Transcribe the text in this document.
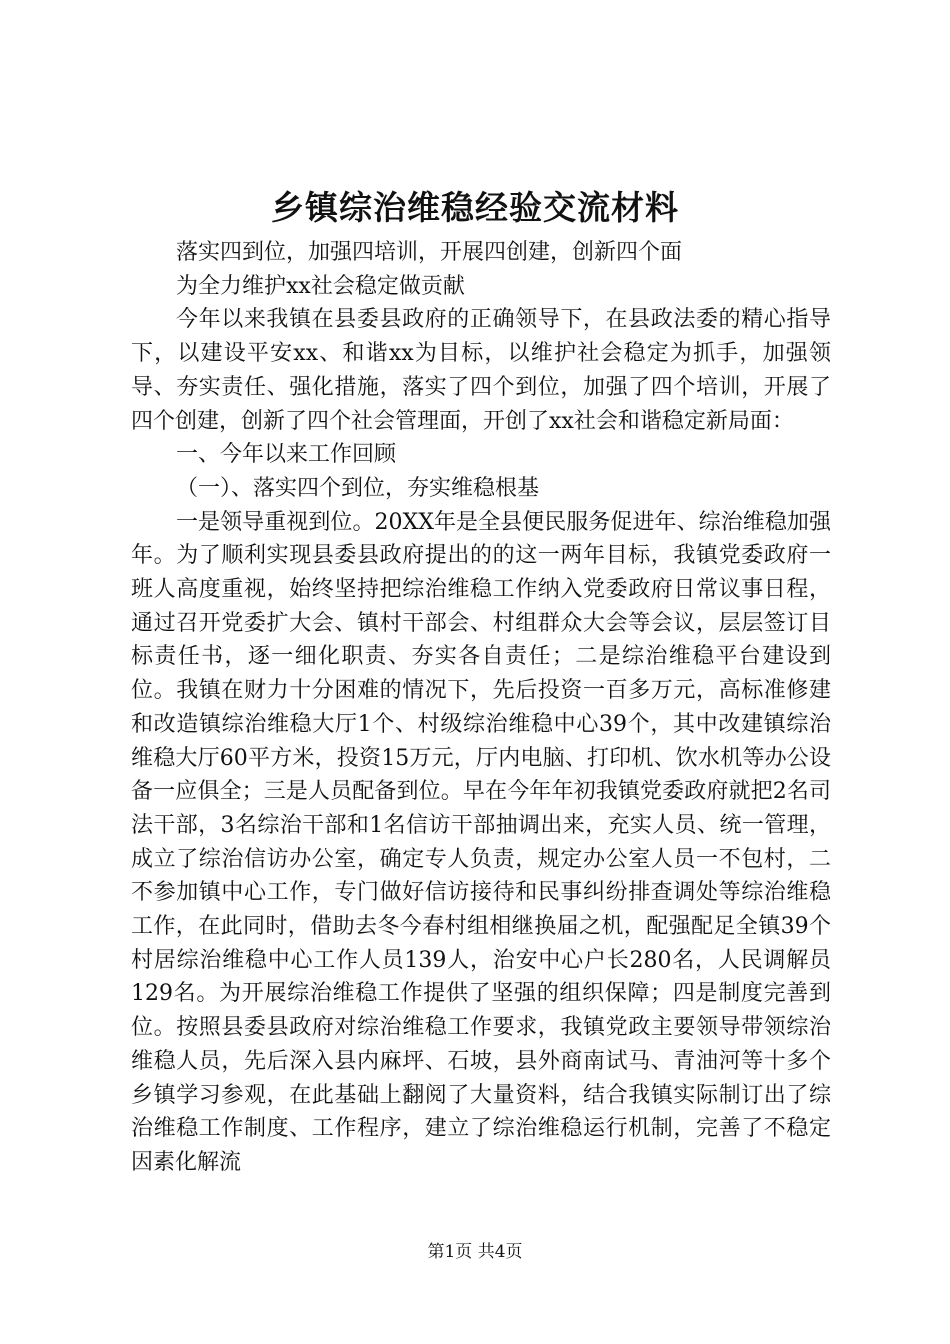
乡镇综治维稳经验交流材料

落实四到位，加强四培训，开展四创建，创新四个面

为全力维护xx社会稳定做贡献

今年以来我镇在县委县政府的正确领导下，在县政法委的精心指导下，以建设平安xx、和谐xx为目标，以维护社会稳定为抓手，加强领导、夯实责任、强化措施，落实了四个到位，加强了四个培训，开展了四个创建，创新了四个社会管理面，开创了xx社会和谐稳定新局面：

一、今年以来工作回顾

（一）、落实四个到位，夯实维稳根基

一是领导重视到位。20XX年是全县便民服务促进年、综治维稳加强年。为了顺利实现县委县政府提出的的这一两年目标，我镇党委政府一班人高度重视，始终坚持把综治维稳工作纳入党委政府日常议事日程，通过召开党委扩大会、镇村干部会、村组群众大会等会议，层层签订目标责任书，逐一细化职责、夯实各自责任；二是综治维稳平台建设到位。我镇在财力十分困难的情况下，先后投资一百多万元，高标准修建和改造镇综治维稳大厅1个、村级综治维稳中心39个，其中改建镇综治维稳大厅60平方米，投资15万元，厅内电脑、打印机、饮水机等办公设备一应俱全；三是人员配备到位。早在今年年初我镇党委政府就把2名司法干部，3名综治干部和1名信访干部抽调出来，充实人员、统一管理，成立了综治信访办公室，确定专人负责，规定办公室人员一不包村，二不参加镇中心工作，专门做好信访接待和民事纠纷排查调处等综治维稳工作，在此同时，借助去冬今春村组相继换届之机，配强配足全镇39个村居综治维稳中心工作人员139人，治安中心户长280名，人民调解员129名。为开展综治维稳工作提供了坚强的组织保障；四是制度完善到位。按照县委县政府对综治维稳工作要求，我镇党政主要领导带领综治维稳人员，先后深入县内麻坪、石坡，县外商南试马、青油河等十多个乡镇学习参观，在此基础上翻阅了大量资料，结合我镇实际制订出了综治维稳工作制度、工作程序，建立了综治维稳运行机制，完善了不稳定因素化解流

第1页 共4页
